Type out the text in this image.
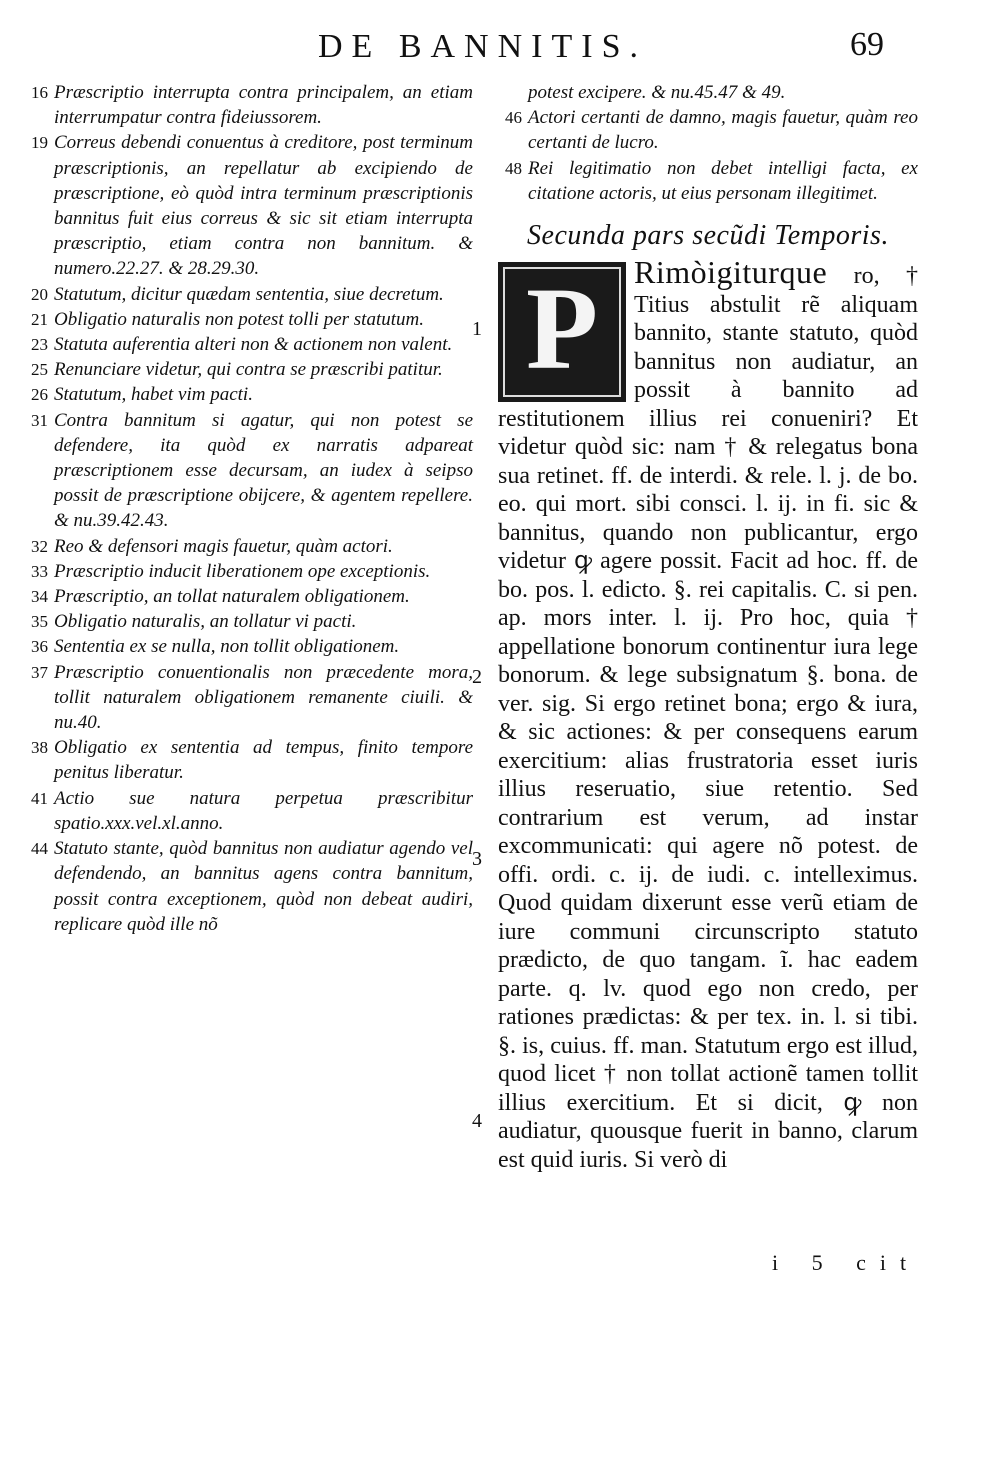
DE BANNITIS.	69
16 Præscriptio interrupta contra principalem, an etiam interrumpatur contra fideiussorem.
19 Correus debendi conuentus à creditore, post terminum præscriptionis, an repellatur ab excipiendo de præscriptione, eò quòd intra terminum præscriptionis bannitus fuit eius correus & sic sit etiam interrupta præscriptio, etiam contra non bannitum. & numero.22.27. & 28.29.30.
20 Statutum, dicitur quædam sententia, siue decretum.
21 Obligatio naturalis non potest tolli per statutum.
23 Statuta auferentia alteri non & actionem non valent.
25 Renunciare videtur, qui contra se præscribi patitur.
26 Statutum, habet vim pacti.
31 Contra bannitum si agatur, qui non potest se defendere, ita quòd ex narratis adpareat præscriptionem esse decursam, an iudex à seipso possit de præscriptione obijcere, & agentem repellere. & nu.39.42.43.
32 Reo & defensori magis fauetur, quàm actori.
33 Præscriptio inducit liberationem ope exceptionis.
34 Præscriptio, an tollat naturalem obligationem.
35 Obligatio naturalis, an tollatur vi pacti.
36 Sententia ex se nulla, non tollit obligationem.
37 Præscriptio conuentionalis non præcedente mora, tollit naturalem obligationem remanente ciuili. & nu.40.
38 Obligatio ex sententia ad tempus, finito tempore penitus liberatur.
41 Actio sue natura perpetua præscribitur spatio.xxx.vel.xl.anno.
44 Statuto stante, quòd bannitus non audiatur agendo vel defendendo, an bannitus agens contra bannitum, possit contra exceptionem, quòd non debeat audiri, replicare quòd ille nõ
potest excipere. & nu.45.47 & 49.
46 Actori certanti de damno, magis fauetur, quàm reo certanti de lucro.
48 Rei legitimatio non debet intelligi facta, ex citatione actoris, ut eius personam illegitimet.
Secunda pars secũdi Temporis.
1
2
3
4
P	Rimòigiturque ro, † Titius abstulit rẽ aliquam bannito, stante statuto, quòd bannitus non audiatur, an possit à bannito ad restitutionem illius rei conueniri? Et videtur quòd sic: nam † & relegatus bona sua retinet. ff. de interdi. & rele. l. j. de bo. eo. qui mort. sibi consci. l. ij. in fi. sic & bannitus, quando non publicantur, ergo videtur ꝙ agere possit. Facit ad hoc. ff. de bo. pos. l. edicto. §. rei capitalis. C. si pen. ap. mors inter. l. ij. Pro hoc, quia † appellatione bonorum continentur iura lege bonorum. & lege subsignatum §. bona. de ver. sig. Si ergo retinet bona; ergo & iura, & sic actiones: & per consequens earum exercitium: alias frustratoria esset iuris illius reseruatio, siue retentio. Sed contrarium est verum, ad instar excommunicati: qui agere nõ potest. de offi. ordi. c. ij. de iudi. c. intelleximus. Quod quidam dixerunt esse verũ etiam de iure communi circunscripto statuto prædicto, de quo tangam. ĩ. hac eadem parte. q. lv. quod ego non credo, per rationes prædictas: & per tex. in. l. si tibi. §. is, cuius. ff. man. Statutum ergo est illud, quod licet † non tollat actionẽ tamen tollit illius exercitium. Et si dicit, ꝙ non audiatur, quousque fuerit in banno, clarum est quid iuris. Si verò di
i 5 cit
